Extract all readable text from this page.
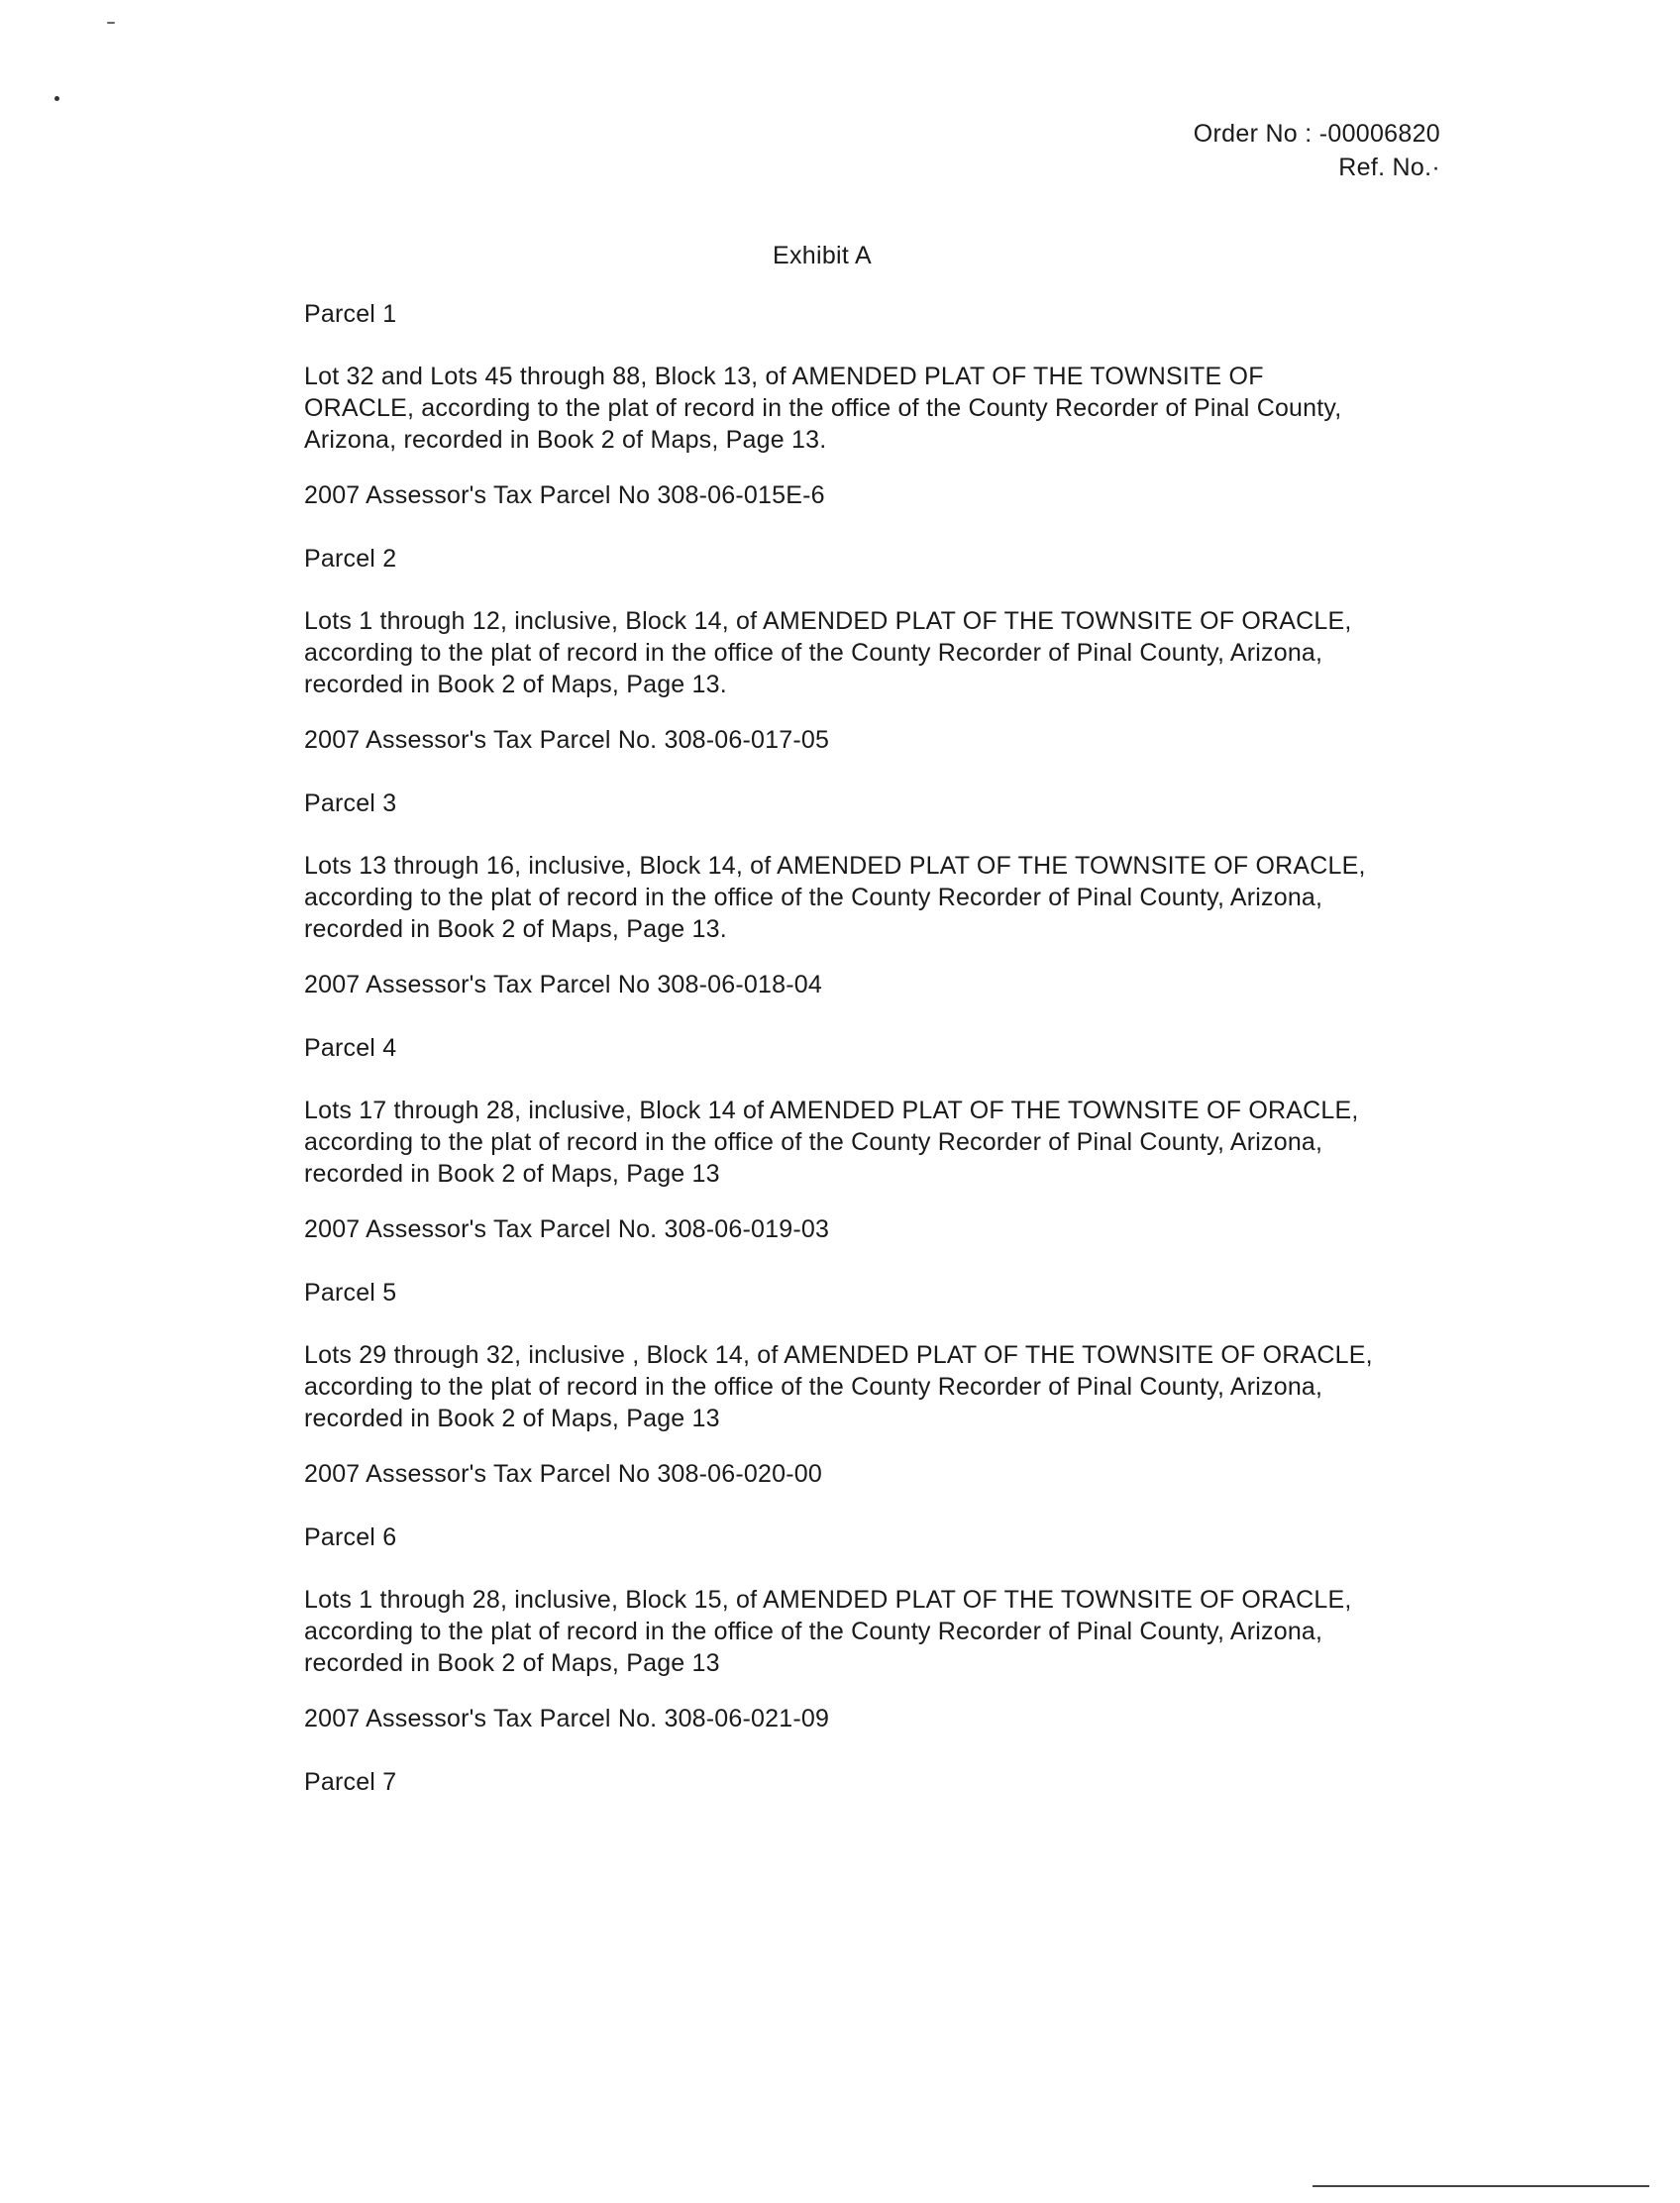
Order No : -00006820
Ref. No.·
Exhibit A
Parcel 1
Lot 32 and Lots 45 through 88, Block 13, of AMENDED PLAT OF THE TOWNSITE OF ORACLE, according to the plat of record in the office of the County Recorder of Pinal County, Arizona, recorded in Book 2 of Maps, Page 13.
2007 Assessor's Tax Parcel No 308-06-015E-6
Parcel 2
Lots 1 through 12, inclusive, Block 14, of AMENDED PLAT OF THE TOWNSITE OF ORACLE, according to the plat of record in the office of the County Recorder of Pinal County, Arizona, recorded in Book 2 of Maps, Page 13.
2007 Assessor's Tax Parcel No. 308-06-017-05
Parcel 3
Lots 13 through 16, inclusive, Block 14, of AMENDED PLAT OF THE TOWNSITE OF ORACLE, according to the plat of record in the office of the County Recorder of Pinal County, Arizona, recorded in Book 2 of Maps, Page 13.
2007 Assessor's Tax Parcel No 308-06-018-04
Parcel 4
Lots 17 through 28, inclusive, Block 14 of AMENDED PLAT OF THE TOWNSITE OF ORACLE, according to the plat of record in the office of the County Recorder of Pinal County, Arizona, recorded in Book 2 of Maps, Page 13
2007 Assessor's Tax Parcel No. 308-06-019-03
Parcel 5
Lots 29 through 32, inclusive , Block 14, of AMENDED PLAT OF THE TOWNSITE OF ORACLE, according to the plat of record in the office of the County Recorder of Pinal County, Arizona, recorded in Book 2 of Maps, Page 13
2007 Assessor's Tax Parcel No 308-06-020-00
Parcel 6
Lots 1 through 28, inclusive, Block 15, of AMENDED PLAT OF THE TOWNSITE OF ORACLE, according to the plat of record in the office of the County Recorder of Pinal County, Arizona, recorded in Book 2 of Maps, Page 13
2007 Assessor's Tax Parcel No. 308-06-021-09
Parcel 7
